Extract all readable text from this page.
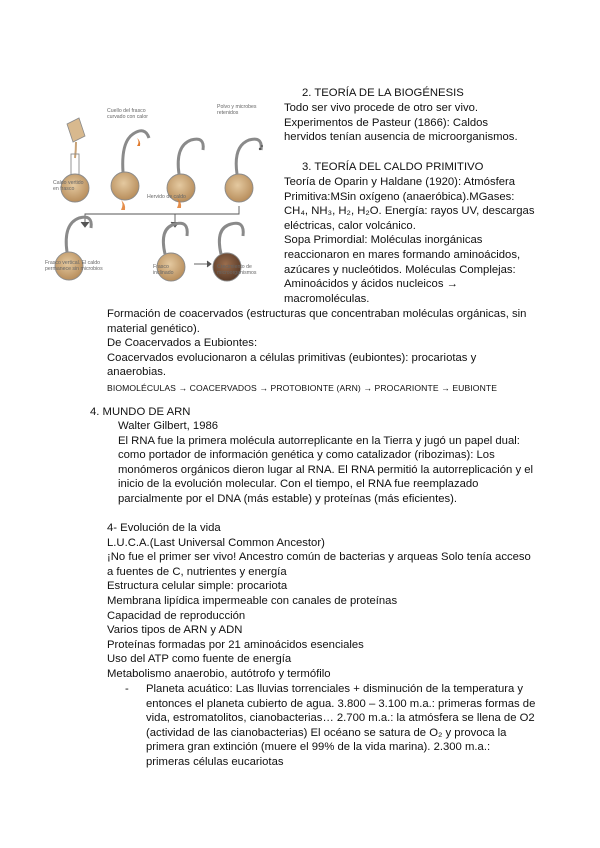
Cuello del frasco
curvado con calor
Polvo y microbes
retenidos
Caldo vertido
en frasco
Hervido de caldo
Frasco vertical. El caldo
permanece sin microbios	Frasco
inclinado
Crecimiento de
microorganismos
2. TEORÍA DE LA BIOGÉNESIS
Todo ser vivo procede de otro ser vivo.
Experimentos de Pasteur (1866): Caldos
hervidos tenían ausencia de microorganismos.
3. TEORÍA DEL CALDO PRIMITIVO
Teoría de Oparin y Haldane (1920): Atmósfera
Primitiva:MSin oxígeno (anaeróbica).MGases:
CH₄, NH₃, H₂, H₂O. Energía: rayos UV, descargas
eléctricas, calor volcánico.
Sopa Primordial: Moléculas inorgánicas
reaccionaron en mares formando aminoácidos,
azúcares y nucleótidos. Moléculas Complejas:
Aminoácidos y ácidos nucleicos →
macromoléculas.
Formación de coacervados (estructuras que concentraban moléculas orgánicas, sin
material genético).
De Coacervados a Eubiontes:
Coacervados evolucionaron a células primitivas (eubiontes): procariotas y
anaerobias.
BIOMOLÉCULAS → COACERVADOS → PROTOBIONTE (ARN) → PROCARIONTE → EUBIONTE
4. MUNDO DE ARN
Walter Gilbert, 1986
El RNA fue la primera molécula autorreplicante en la Tierra y jugó un papel dual:
como portador de información genética y como catalizador (ribozimas): Los
monómeros orgánicos dieron lugar al RNA. El RNA permitió la autorreplicación y el
inicio de la evolución molecular. Con el tiempo, el RNA fue reemplazado
parcialmente por el DNA (más estable) y proteínas (más eficientes).
4- Evolución de la vida
L.U.C.A.(Last Universal Common Ancestor)
¡No fue el primer ser vivo! Ancestro común de bacterias y arqueas Solo tenía acceso
a fuentes de C, nutrientes y energía
Estructura celular simple: procariota
Membrana lipídica impermeable con canales de proteínas
Capacidad de reproducción
Varios tipos de ARN y ADN
Proteínas formadas por 21 aminoácidos esenciales
Uso del ATP como fuente de energía
Metabolismo anaerobio, autótrofo y termófilo
- Planeta acuático: Las lluvias torrenciales + disminución de la temperatura y
entonces el planeta cubierto de agua. 3.800 – 3.100 m.a.: primeras formas de
vida, estromatolitos, cianobacterias… 2.700 m.a.: la atmósfera se llena de O2
(actividad de las cianobacterias) El océano se satura de O₂ y provoca la
primera gran extinción (muere el 99% de la vida marina). 2.300 m.a.:
primeras células eucariotas
